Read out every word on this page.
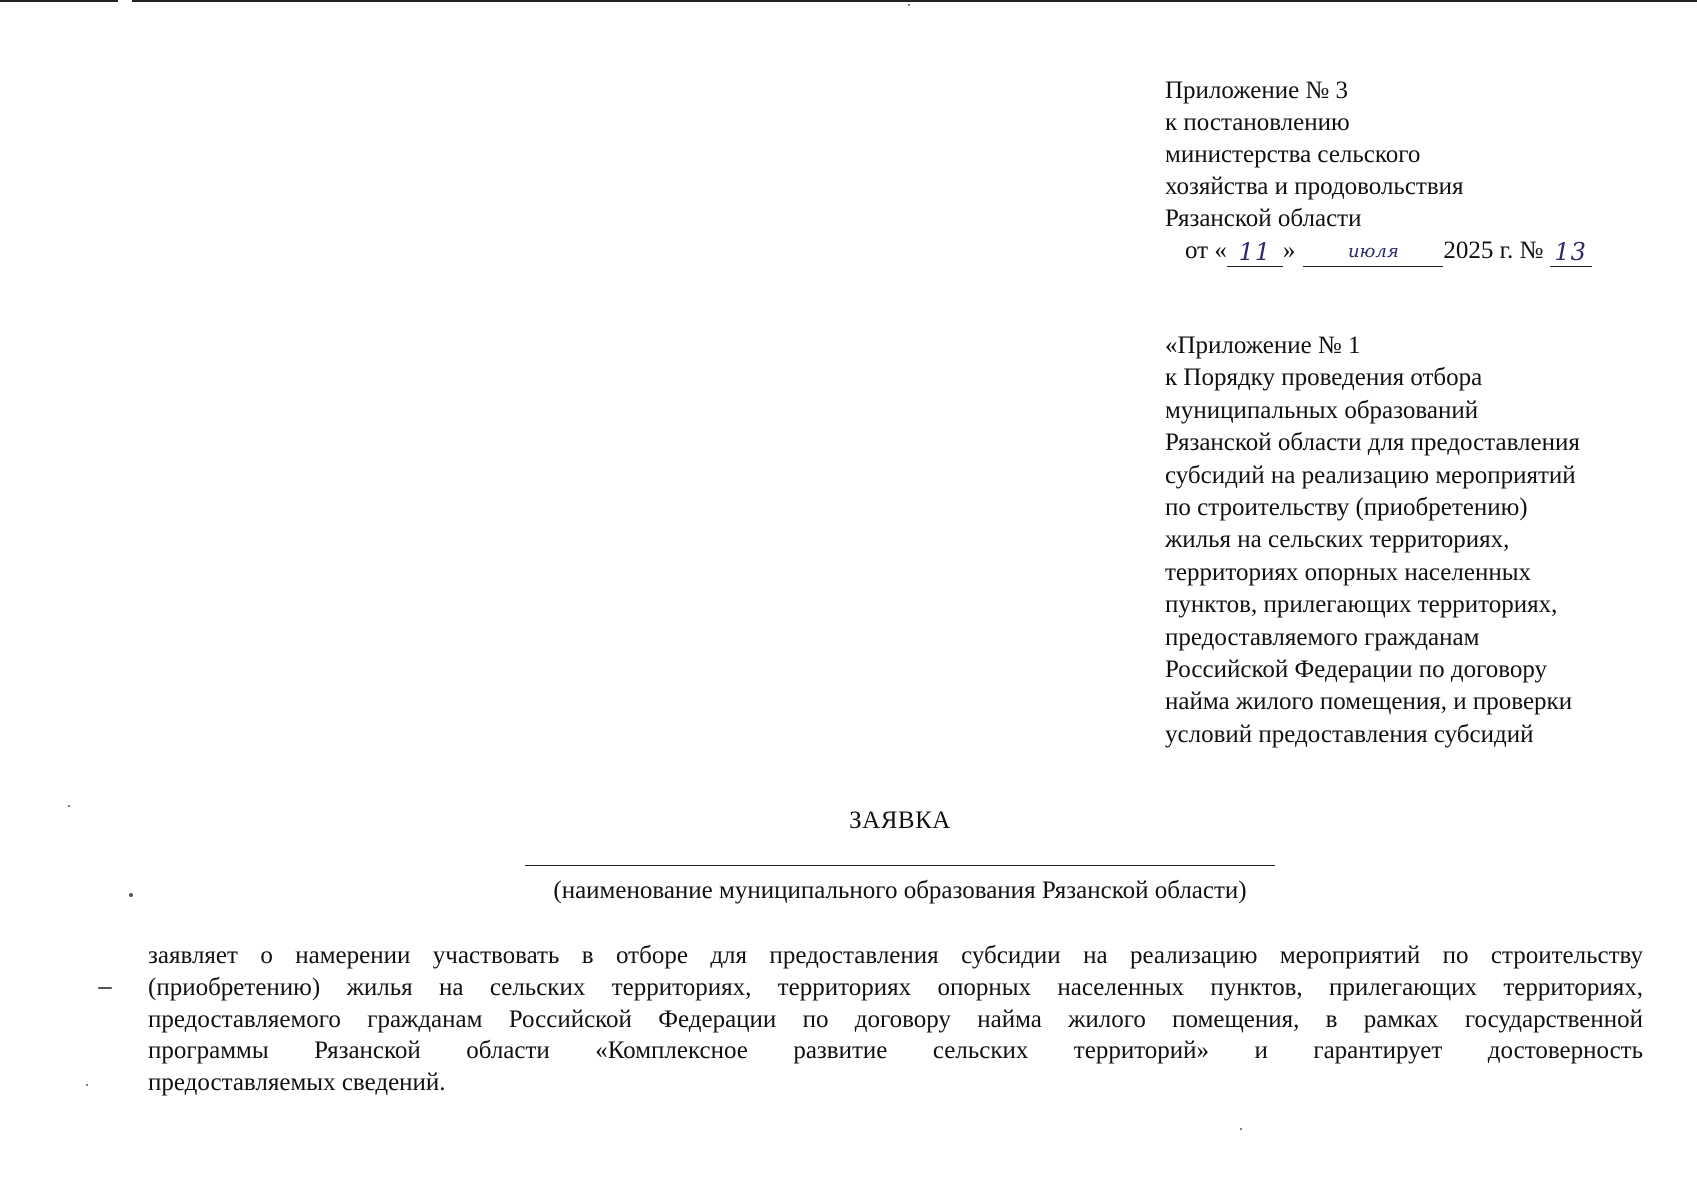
Приложение № 3
к постановлению
министерства сельского
хозяйства и продовольствия
Рязанской области
от « 11 »	июля	2025 г. № 13
«Приложение № 1
к Порядку проведения отбора
муниципальных образований
Рязанской области для предоставления
субсидий на реализацию мероприятий
по строительству (приобретению)
жилья на сельских территориях,
территориях опорных населенных
пунктов, прилегающих территориях,
предоставляемого гражданам
Российской Федерации по договору
найма жилого помещения, и проверки
условий предоставления субсидий
ЗАЯВКА
(наименование муниципального образования Рязанской области)
заявляет о намерении участвовать в отборе для предоставления субсидии на реализацию мероприятий по строительству
(приобретению) жилья на сельских территориях, территориях опорных населенных пунктов, прилегающих территориях,
предоставляемого гражданам Российской Федерации по договору найма жилого помещения, в рамках государственной
программы Рязанской области «Комплексное развитие сельских территорий» и гарантирует достоверность
предоставляемых сведений.
